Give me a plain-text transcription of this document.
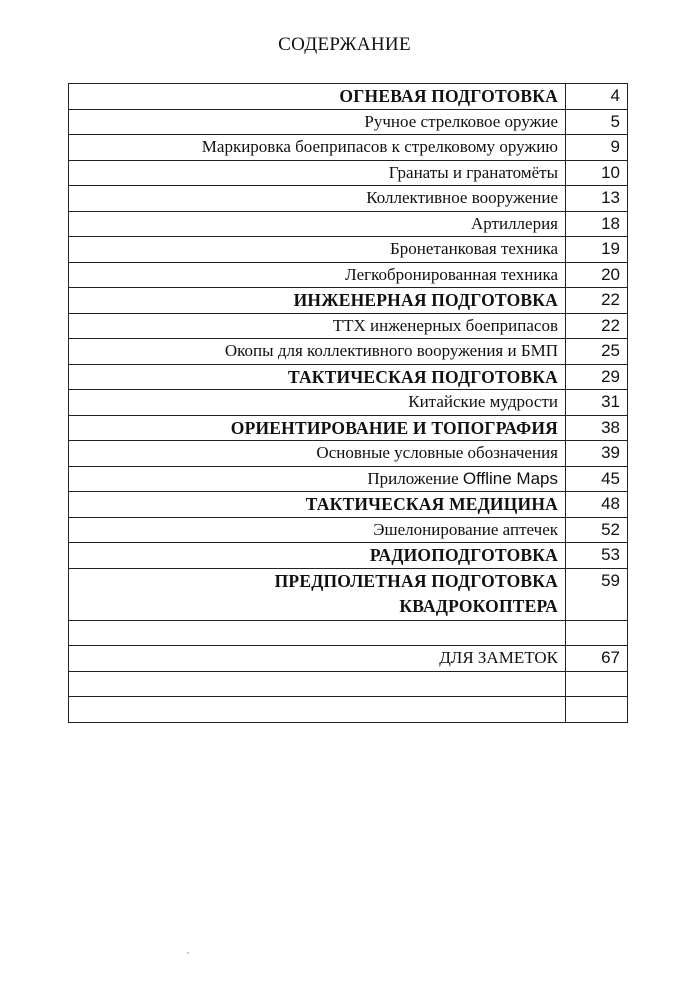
СОДЕРЖАНИЕ
ОГНЕВАЯ ПОДГОТОВКА	4
Ручное стрелковое оружие	5
Маркировка боеприпасов к стрелковому оружию	9
Гранаты и гранатомёты	10
Коллективное вооружение	13
Артиллерия	18
Бронетанковая техника	19
Легкобронированная техника	20
ИНЖЕНЕРНАЯ ПОДГОТОВКА	22
ТТХ инженерных боеприпасов	22
Окопы для коллективного вооружения и БМП	25
ТАКТИЧЕСКАЯ ПОДГОТОВКА	29
Китайские мудрости	31
ОРИЕНТИРОВАНИЕ И ТОПОГРАФИЯ	38
Основные условные обозначения	39
Приложение Offline Maps	45
ТАКТИЧЕСКАЯ МЕДИЦИНА	48
Эшелонирование аптечек	52
РАДИОПОДГОТОВКА	53

ПРЕДПОЛЕТНАЯ ПОДГОТОВКА
КВАДРОКОПТЕРА	59

ДЛЯ ЗАМЕТОК	67
